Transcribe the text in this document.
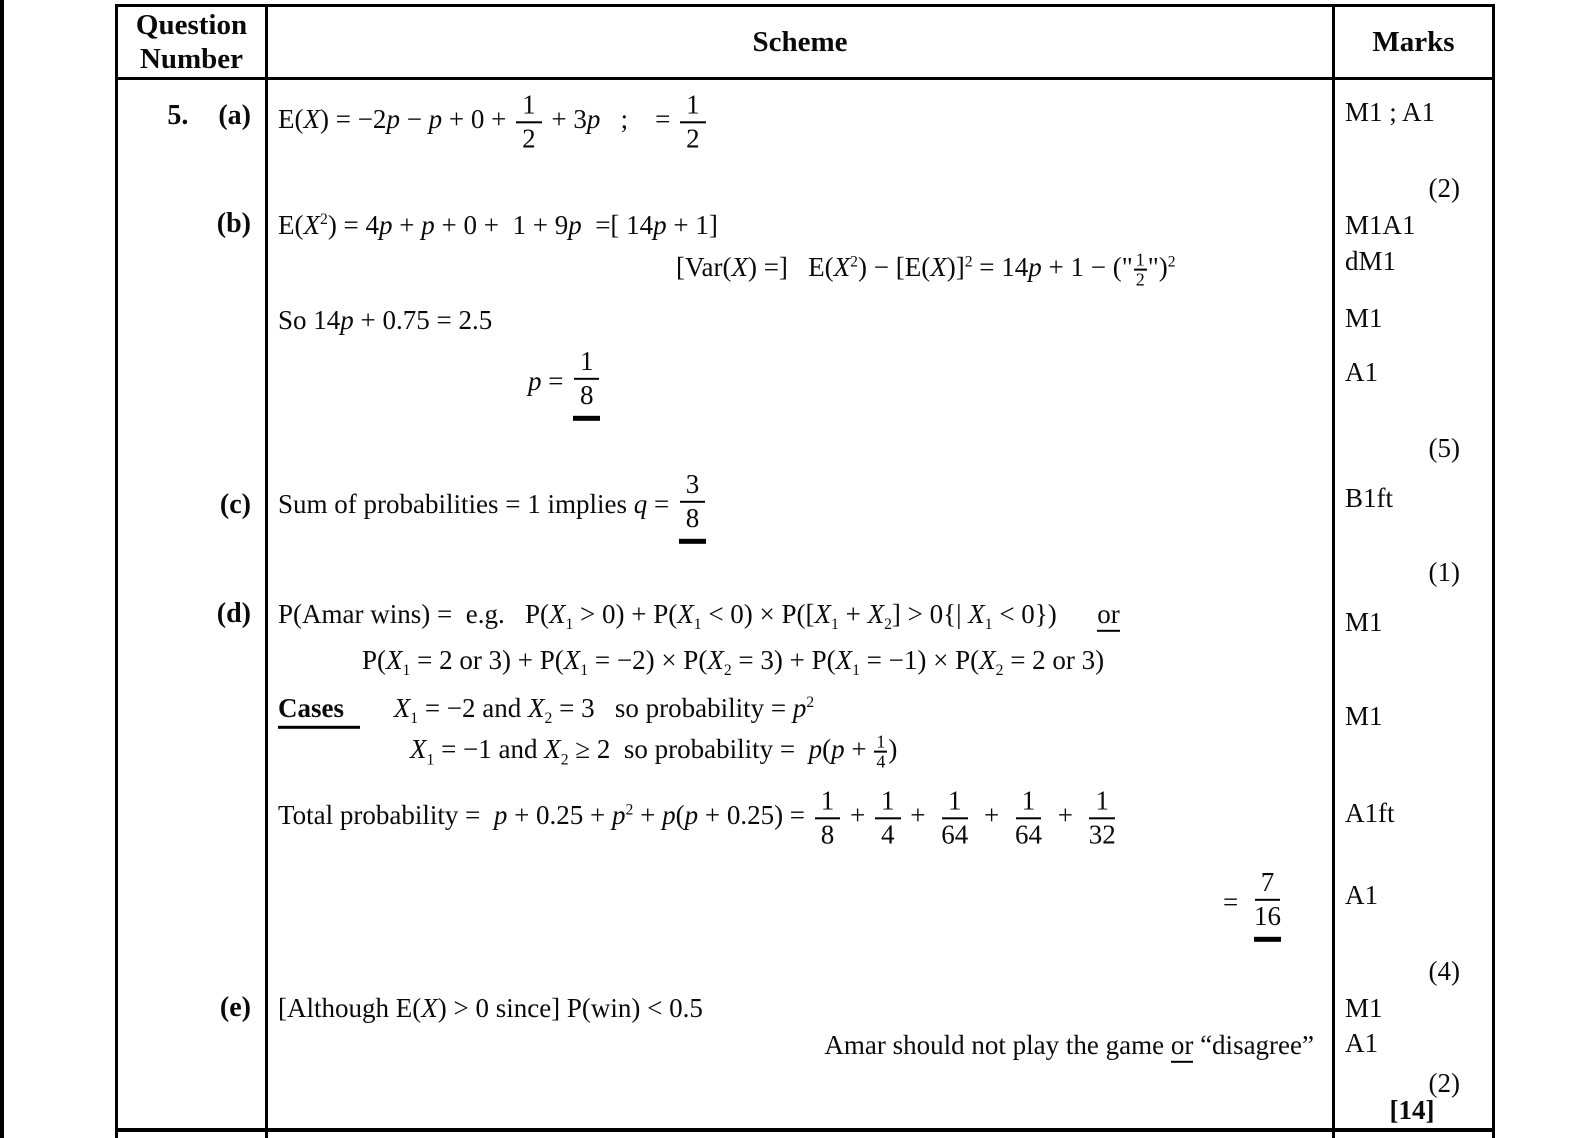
Question Number
Scheme	Marks
5. (a)
(b)
(c)
(d)
(e)
$E(X) = -2p - p + 0 + \frac{1}{2} + 3p$   ;    = $\frac{1}{2}$
$E(X^2) = 4p + p + 0 + 1 + 9p$  =[ 14p + 1]
[Var(X) =]   $E(X^2) - [E(X)]^2 = 14p + 1$ − (" $\frac{1}{2}$ ")$^2$
So 14p + 0.75 = 2.5
$p = \frac{1}{8}$
Sum of probabilities = 1 implies $q = \frac{3}{8}$
P(Amar wins) =  e.g.   $P(X_1 > 0) + P(X_1 < 0) \times P([X_1 + X_2] > 0\{|$ $X_1 < 0$})      or
$P(X_1 = 2$ or $3) + P(X_1 = -2) \times P(X_2 = 3) + P(X_1 = -1) \times P(X_2 = 2$ or 3)
Cases $X_1 = -2$ and $X_2 = 3$   so probability = $p^2$
$X_1 = -1$ and $X_2 \ge 2$  so probability =  $p(p + \frac{1}{4}$ )
Total probability =  $p + 0.25 + p^2 + p(p + 0.25) = \frac{1}{8} + \frac{1}{4} + \frac{1}{64} + \frac{1}{64} + \frac{1}{32}$
= $\frac{7}{16}$
[Although E(X) > 0 since] P(win) < 0.5
Amar should not play the game or “disagree”
M1 ; A1
(2)
M1A1
dM1
M1
A1
(5)
B1ft
(1)
M1
M1
A1ft
A1
(4)
M1
A1
(2)
[14]
